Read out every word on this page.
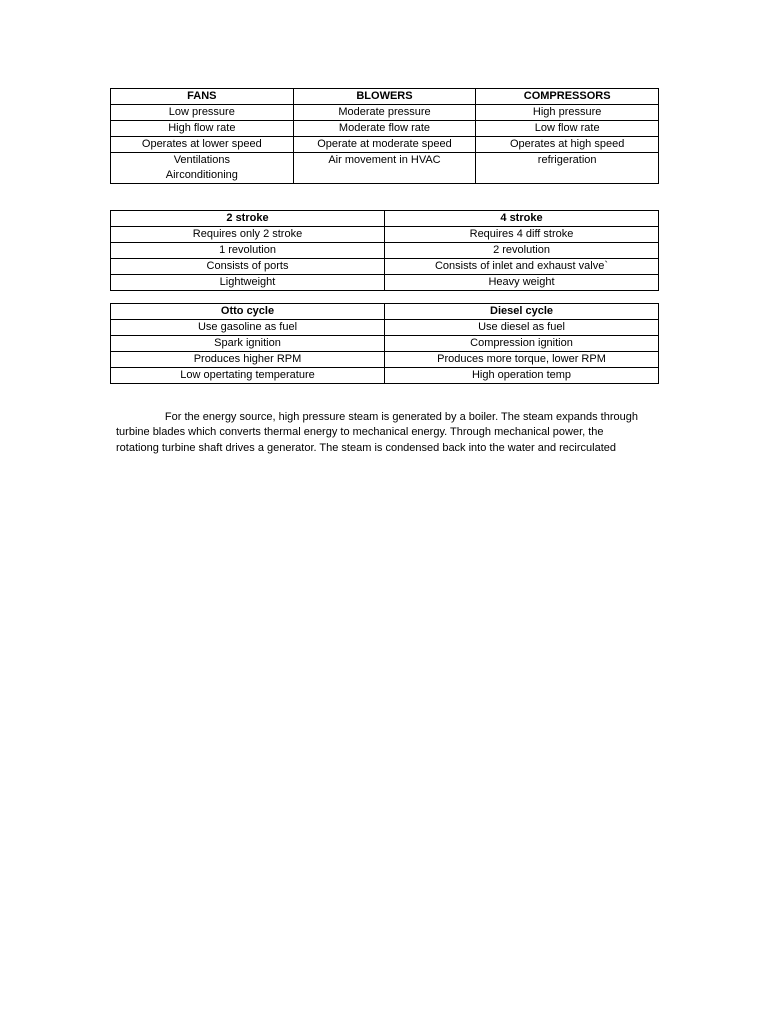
FANS	BLOWERS	COMPRESSORS

Low pressure	Moderate pressure	High pressure

High flow rate	Moderate flow rate	Low flow rate

Operates at lower speed	Operate at moderate speed	Operates at high speed

Ventilations
Airconditioning	Air movement in HVAC	refrigeration
2 stroke	4 stroke

Requires only 2 stroke	Requires 4 diff stroke

1 revolution	2 revolution

Consists of ports	Consists of inlet and exhaust valve`

Lightweight	Heavy weight
Otto cycle	Diesel cycle

Use gasoline as fuel	Use diesel as fuel

Spark ignition	Compression ignition

Produces higher RPM	Produces more torque, lower RPM

Low opertating temperature	High operation temp

For the energy source, high pressure steam is generated by a boiler. The steam expands through turbine blades which converts thermal energy to mechanical energy. Through mechanical power, the rotationg turbine shaft drives a generator. The steam is condensed back into the water and recirculated
